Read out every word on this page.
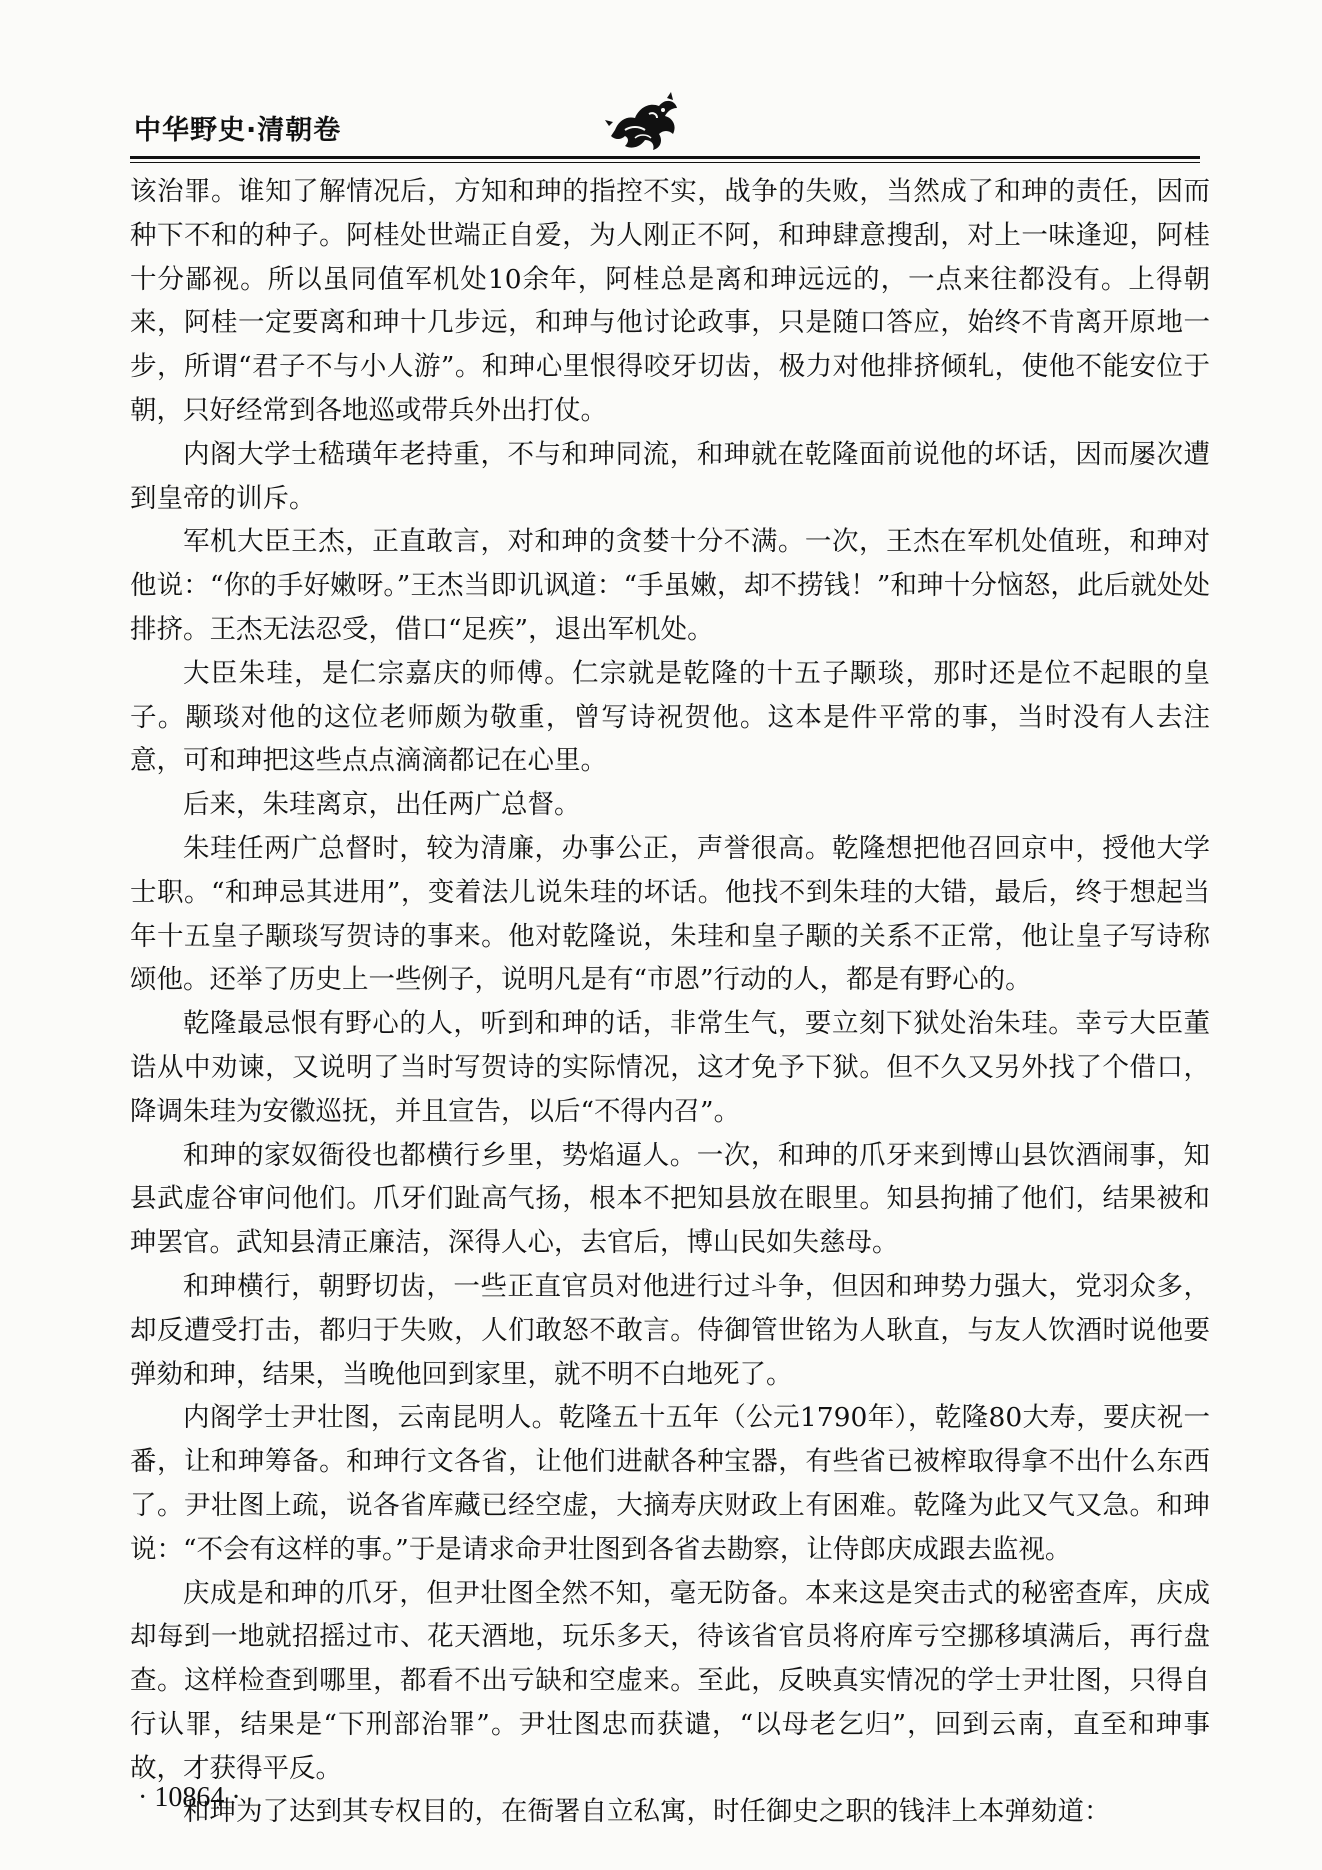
中华野史·清朝卷

该治罪。谁知了解情况后，方知和珅的指控不实，战争的失败，当然成了和珅的责任，因而种下不和的种子。阿桂处世端正自爱，为人刚正不阿，和珅肆意搜刮，对上一味逢迎，阿桂十分鄙视。所以虽同值军机处10余年，阿桂总是离和珅远远的，一点来往都没有。上得朝来，阿桂一定要离和珅十几步远，和珅与他讨论政事，只是随口答应，始终不肯离开原地一步，所谓“君子不与小人游”。和珅心里恨得咬牙切齿，极力对他排挤倾轧，使他不能安位于朝，只好经常到各地巡或带兵外出打仗。

内阁大学士嵇璜年老持重，不与和珅同流，和珅就在乾隆面前说他的坏话，因而屡次遭到皇帝的训斥。

军机大臣王杰，正直敢言，对和珅的贪婪十分不满。一次，王杰在军机处值班，和珅对他说：“你的手好嫩呀。”王杰当即讥讽道：“手虽嫩，却不捞钱！”和珅十分恼怒，此后就处处排挤。王杰无法忍受，借口“足疾”，退出军机处。

大臣朱珪，是仁宗嘉庆的师傅。仁宗就是乾隆的十五子颙琰，那时还是位不起眼的皇子。颙琰对他的这位老师颇为敬重，曾写诗祝贺他。这本是件平常的事，当时没有人去注意，可和珅把这些点点滴滴都记在心里。

后来，朱珪离京，出任两广总督。

朱珪任两广总督时，较为清廉，办事公正，声誉很高。乾隆想把他召回京中，授他大学士职。“和珅忌其进用”，变着法儿说朱珪的坏话。他找不到朱珪的大错，最后，终于想起当年十五皇子颙琰写贺诗的事来。他对乾隆说，朱珪和皇子颙的关系不正常，他让皇子写诗称颂他。还举了历史上一些例子，说明凡是有“市恩”行动的人，都是有野心的。

乾隆最忌恨有野心的人，听到和珅的话，非常生气，要立刻下狱处治朱珪。幸亏大臣董诰从中劝谏，又说明了当时写贺诗的实际情况，这才免予下狱。但不久又另外找了个借口，降调朱珪为安徽巡抚，并且宣告，以后“不得内召”。

和珅的家奴衙役也都横行乡里，势焰逼人。一次，和珅的爪牙来到博山县饮酒闹事，知县武虚谷审问他们。爪牙们趾高气扬，根本不把知县放在眼里。知县拘捕了他们，结果被和珅罢官。武知县清正廉洁，深得人心，去官后，博山民如失慈母。

和珅横行，朝野切齿，一些正直官员对他进行过斗争，但因和珅势力强大，党羽众多，却反遭受打击，都归于失败，人们敢怒不敢言。侍御管世铭为人耿直，与友人饮酒时说他要弹劾和珅，结果，当晚他回到家里，就不明不白地死了。

内阁学士尹壮图，云南昆明人。乾隆五十五年（公元1790年），乾隆80大寿，要庆祝一番，让和珅筹备。和珅行文各省，让他们进献各种宝器，有些省已被榨取得拿不出什么东西了。尹壮图上疏，说各省库藏已经空虚，大摘寿庆财政上有困难。乾隆为此又气又急。和珅说：“不会有这样的事。”于是请求命尹壮图到各省去勘察，让侍郎庆成跟去监视。

庆成是和珅的爪牙，但尹壮图全然不知，毫无防备。本来这是突击式的秘密查库，庆成却每到一地就招摇过市、花天酒地，玩乐多天，待该省官员将府库亏空挪移填满后，再行盘查。这样检查到哪里，都看不出亏缺和空虚来。至此，反映真实情况的学士尹壮图，只得自行认罪，结果是“下刑部治罪”。尹壮图忠而获谴，“以母老乞归”，回到云南，直至和珅事故，才获得平反。

和珅为了达到其专权目的，在衙署自立私寓，时任御史之职的钱沣上本弹劾道：

· 10864 ·
